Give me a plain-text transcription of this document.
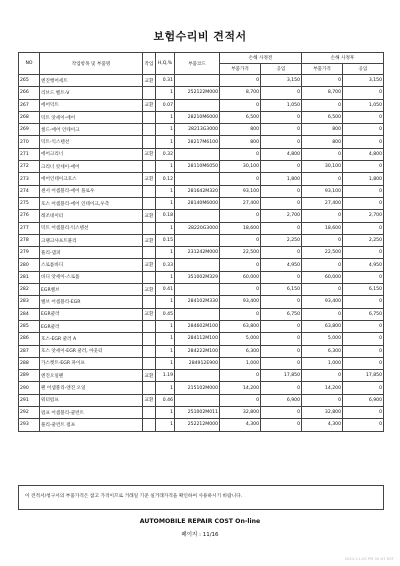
보험수리비 견적서
NO	작업항목 및 부품명	작업	H,Q,%	부품코드	손해 사정전		손해 사정후	
					부품가격	공임	부품가격	공임
265	엔진행어세트	교환	0.31		0	3,150	0	3,150
266	리브드 벨트-V		1	252122M000	8,700	0	8,700	0
267	에어덕트	교환	0.07		0	1,050	0	1,050
268	덕트 앗세이-에어		1	28210M6000	6,500	0	6,500	0
269	씰드-에어 인테이크		1	28213G3000	800	0	800	0
270	덕트-익스텐션		1	28217M6100	800	0	800	0
271	에어크리너	교환	0.32		0	4,800	0	4,800
272	크리너 앗세이-에어		1	28110M6050	30,100	0	30,100	0
273	에어인테이크호스	교환	0.12		0	1,800	0	1,800
274	센서 어셈블리-에어 플로우		1	281642M320	93,100	0	93,100	0
275	호스 어셈블리-에어 인테이크,우측		1	28140M6000	27,400	0	27,400	0
276	레조네이터	교환	0.18		0	2,700	0	2,700
277	덕트 어셈블리-익스텐션		1	28220G3000	18,600	0	18,600	0
278	크랭크샤프트풀리	교환	0.15		0	2,250	0	2,250
279	풀리-댐퍼		1	231242M000	22,500	0	22,500	0
280	스로틀바디	교환	0.33		0	4,950	0	4,950
281	바디 앗세이-스로틀		1	351002M329	60,000	0	60,000	0
282	EGR밸브	교환	0.41		0	6,150	0	6,150
283	밸브 어셈블리-EGR		1	284102M330	93,400	0	93,400	0
284	EGR쿨러	교환	0.45		0	6,750	0	6,750
285	EGR쿨러		1	284602M100	63,800	0	63,800	0
286	호스-EGR 쿨러 A		1	284112M100	5,000	0	5,000	0
287	호스 앗세이-EGR 쿨러, 아웃터		1	284222M100	6,300	0	6,300	0
288	가스켓트-EGR 파이프		1	284912E900	1,000	0	1,000	0
289	엔진오일팬	교환	1.19		0	17,850	0	17,850
290	팬 어셈블리-엔진 오일		1	215102M000	14,200	0	14,200	0
291	워터펌프	교환	0.46		0	6,900	0	6,900
292	펌프 어셈블리-쿨런트		1	251002M011	32,800	0	32,800	0
293	풀리-쿨런트 펌프		1	252212M000	4,300	0	4,300	0
이 견적서/청구서의 부품가격은 참고 가격이므로 거래일 기준 실거래가격을 확인하여 사용하시기 바랍니다.
AUTOMOBILE REPAIR COST On-line
페이지 : 11/16
2023-11-05 PM 05:47 KST
